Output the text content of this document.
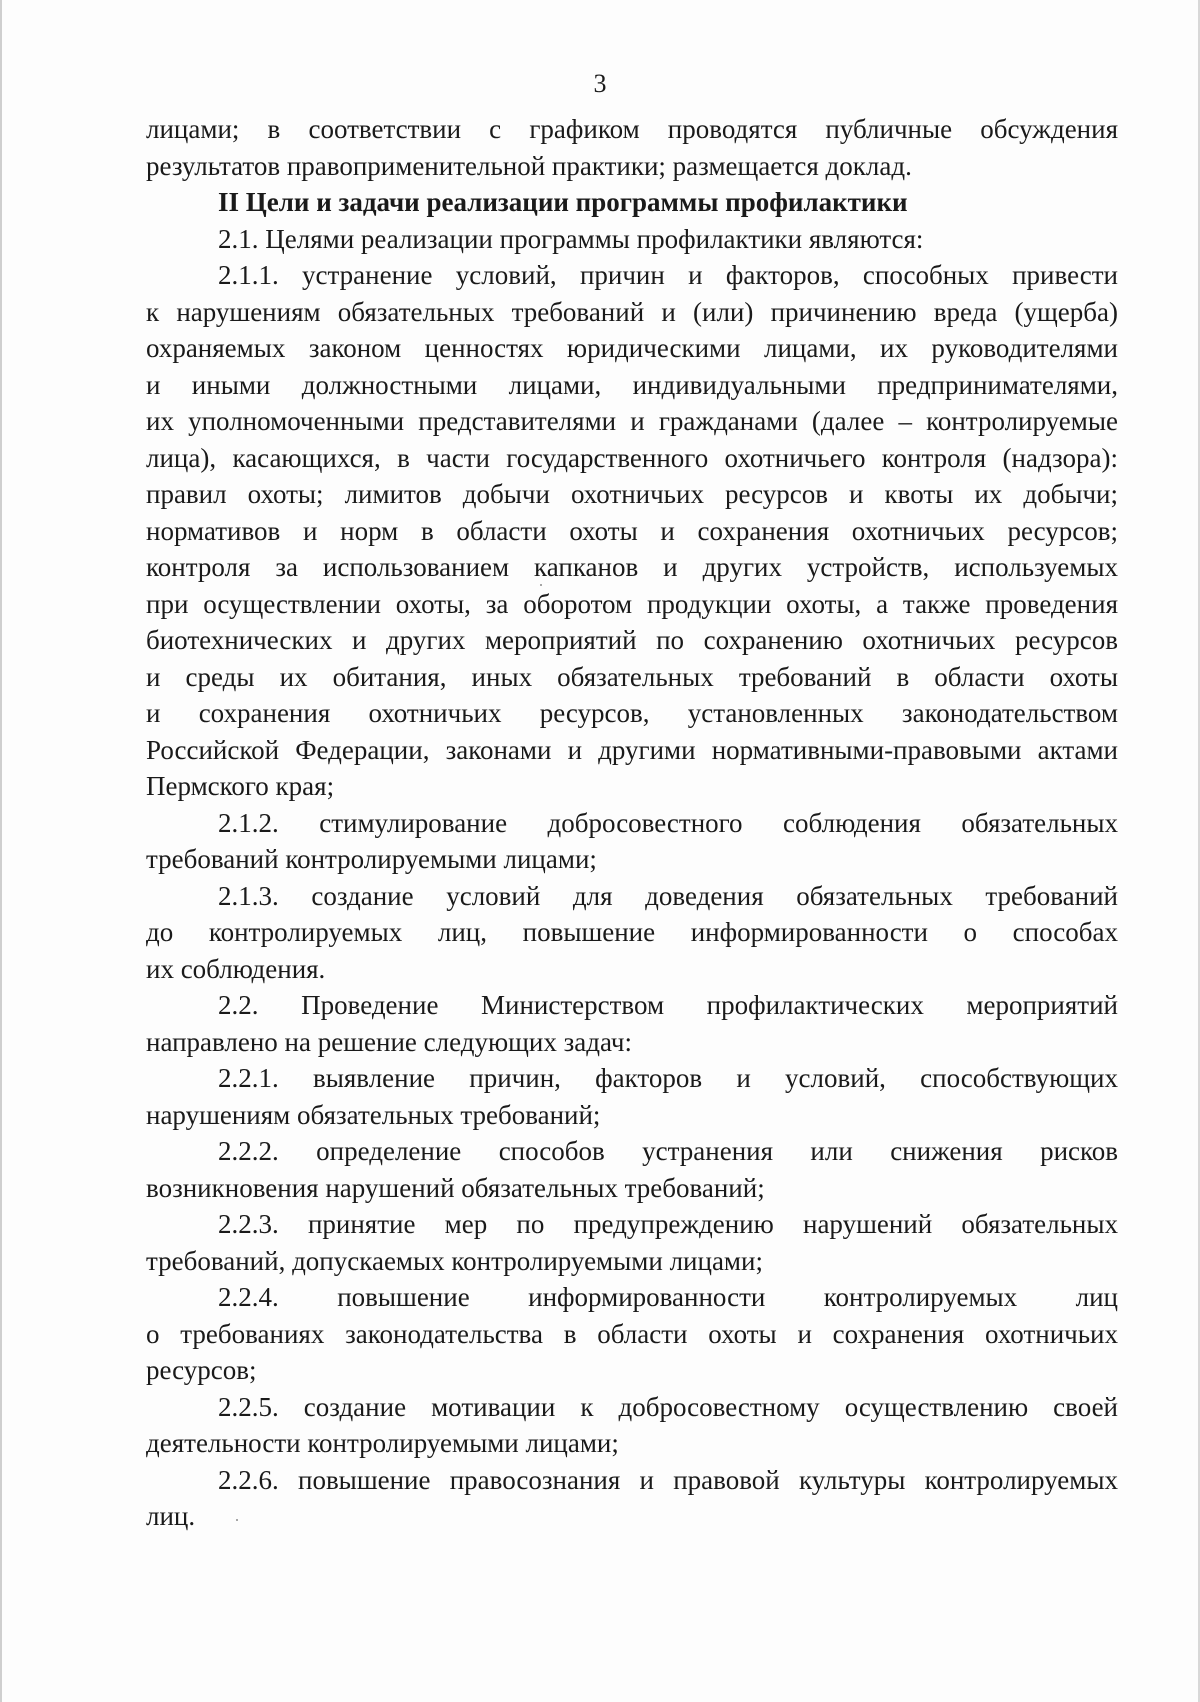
3
лицами; в соответствии с графиком проводятся публичные обсуждения
результатов правоприменительной практики; размещается доклад.
II Цели и задачи реализации программы профилактики
2.1. Целями реализации программы профилактики являются:
2.1.1. устранение условий, причин и факторов, способных привести
к нарушениям обязательных требований и (или) причинению вреда (ущерба)
охраняемых законом ценностях юридическими лицами, их руководителями
и иными должностными лицами, индивидуальными предпринимателями,
их уполномоченными представителями и гражданами (далее – контролируемые
лица), касающихся, в части государственного охотничьего контроля (надзора):
правил охоты; лимитов добычи охотничьих ресурсов и квоты их добычи;
нормативов и норм в области охоты и сохранения охотничьих ресурсов;
контроля за использованием капканов и других устройств, используемых
при осуществлении охоты, за оборотом продукции охоты, а также проведения
биотехнических и других мероприятий по сохранению охотничьих ресурсов
и среды их обитания, иных обязательных требований в области охоты
и сохранения охотничьих ресурсов, установленных законодательством
Российской Федерации, законами и другими нормативными-правовыми актами
Пермского края;
2.1.2. стимулирование добросовестного соблюдения обязательных
требований контролируемыми лицами;
2.1.3. создание условий для доведения обязательных требований
до контролируемых лиц, повышение информированности о способах
их соблюдения.
2.2. Проведение Министерством профилактических мероприятий
направлено на решение следующих задач:
2.2.1. выявление причин, факторов и условий, способствующих
нарушениям обязательных требований;
2.2.2. определение способов устранения или снижения рисков
возникновения нарушений обязательных требований;
2.2.3. принятие мер по предупреждению нарушений обязательных
требований, допускаемых контролируемыми лицами;
2.2.4. повышение информированности контролируемых лиц
о требованиях законодательства в области охоты и сохранения охотничьих
ресурсов;
2.2.5. создание мотивации к добросовестному осуществлению своей
деятельности контролируемыми лицами;
2.2.6. повышение правосознания и правовой культуры контролируемых
лиц.
